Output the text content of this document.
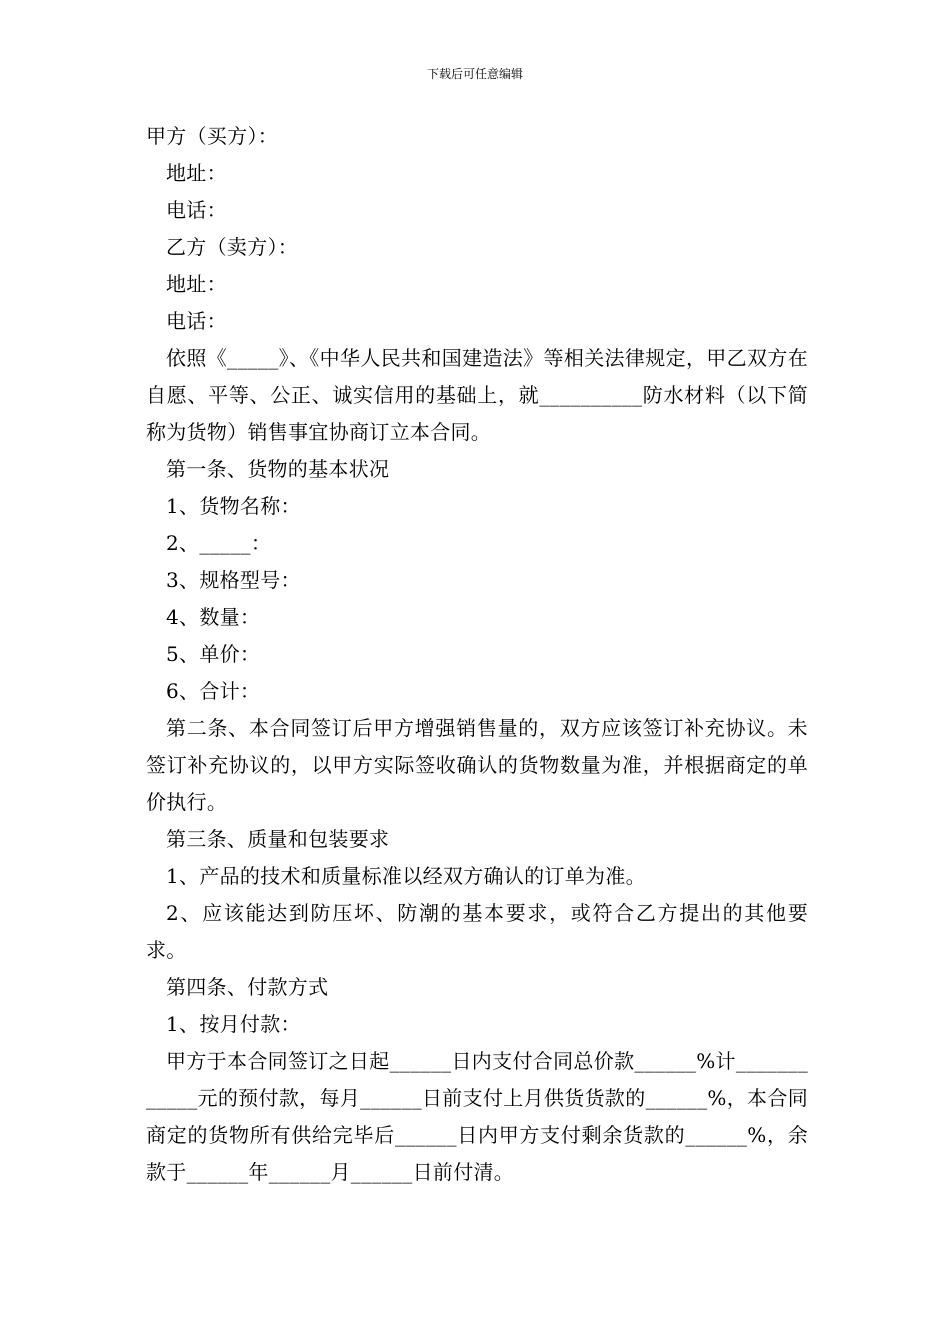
下载后可任意编辑

甲方（买方）：

地址：

电话：

乙方（卖方）：

地址：

电话：

依照《_____》、《中华人民共和国建造法》等相关法律规定，甲乙双方在自愿、平等、公正、诚实信用的基础上，就__________防水材料（以下简称为货物）销售事宜协商订立本合同。

第一条、货物的基本状况

1、货物名称：

2、_____：

3、规格型号：

4、数量：

5、单价：

6、合计：

第二条、本合同签订后甲方增强销售量的，双方应该签订补充协议。未签订补充协议的，以甲方实际签收确认的货物数量为准，并根据商定的单价执行。

第三条、质量和包装要求

1、产品的技术和质量标准以经双方确认的订单为准。

2、应该能达到防压坏、防潮的基本要求，或符合乙方提出的其他要求。

第四条、付款方式

1、按月付款：

甲方于本合同签订之日起______日内支付合同总价款______%计____________元的预付款，每月______日前支付上月供货货款的______%，本合同商定的货物所有供给完毕后______日内甲方支付剩余货款的______%，余款于______年______月______日前付清。
